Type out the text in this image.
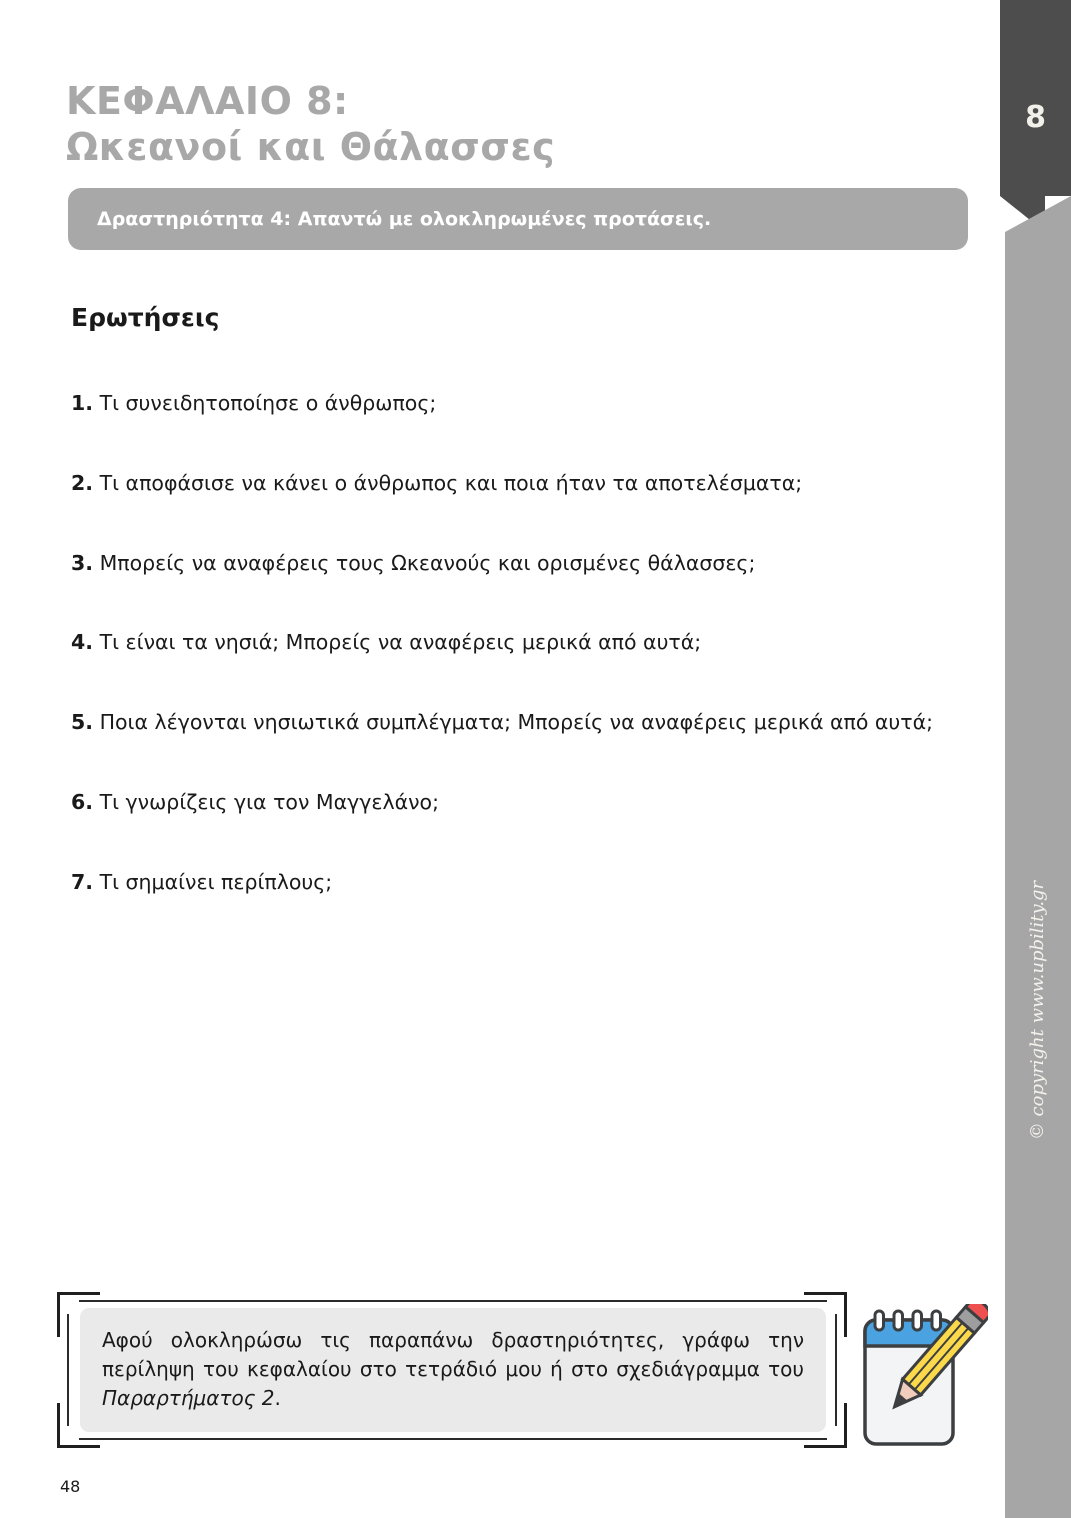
8
© copyright www.upbility.gr
ΚΕΦΑΛΑΙΟ 8:
Ωκεανοί και Θάλασσες
Δραστηριότητα 4: Απαντώ με ολοκληρωμένες προτάσεις.
Ερωτήσεις
1. Τι συνειδητοποίησε ο άνθρωπος;
2. Τι αποφάσισε να κάνει ο άνθρωπος και ποια ήταν τα αποτελέσματα;
3. Μπορείς να αναφέρεις τους Ωκεανούς και ορισμένες θάλασσες;
4. Τι είναι τα νησιά; Μπορείς να αναφέρεις μερικά από αυτά;
5. Ποια λέγονται νησιωτικά συμπλέγματα; Μπορείς να αναφέρεις μερικά από αυτά;
6. Τι γνωρίζεις για τον Μαγγελάνο;
7. Τι σημαίνει περίπλους;
Αφού ολοκληρώσω τις παραπάνω δραστηριότητες, γράφω την περίληψη του κεφαλαίου στο τετράδιό μου ή στο σχεδιάγραμμα του Παραρτήματος 2.
48
